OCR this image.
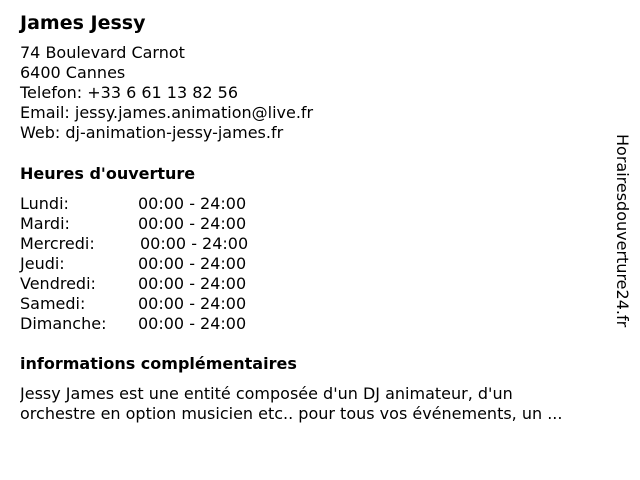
James Jessy
74 Boulevard Carnot
6400 Cannes
Telefon: +33 6 61 13 82 56
Email: jessy.james.animation@live.fr
Web: dj-animation-jessy-james.fr
Heures d'ouverture
Lundi:	00:00 - 24:00
Mardi:	00:00 - 24:00
Mercredi:	00:00 - 24:00
Jeudi:	00:00 - 24:00
Vendredi:	00:00 - 24:00
Samedi:	00:00 - 24:00
Dimanche: 00:00 - 24:00
informations complémentaires
Jessy James est une entité composée d'un DJ animateur, d'un
orchestre en option musicien etc.. pour tous vos événements, un ...
Horairesdouverture24.fr
